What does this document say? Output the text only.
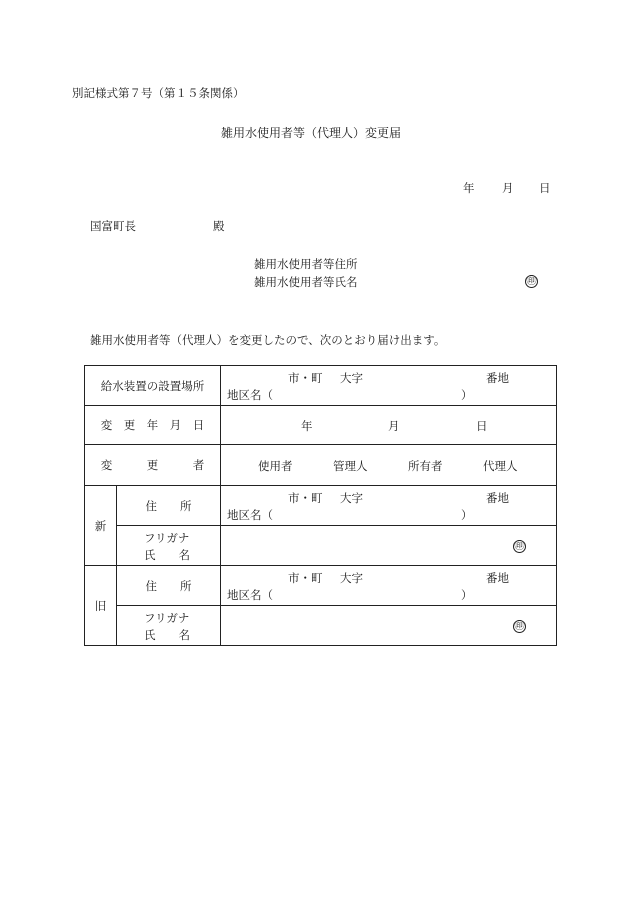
別記様式第７号（第１５条関係）
雑用水使用者等（代理人）変更届
年 月 日
国富町長	殿
雑用水使用者等住所
雑用水使用者等氏名	㊞
雑用水使用者等（代理人）を変更したので、次のとおり届け出ます。
給水装置の設置場所		市・町 大字 番地
地区名（ ）

変　更　年　月　日		年 月 日

変　　　更　　　者		使用者 管理人 所有者 代理人

新	住　　所	市・町 大字 番地
地区名（ ）

	フリガナ
氏　　名	㊞

旧	住　　所	市・町 大字 番地
地区名（ ）

	フリガナ
氏　　名	㊞
